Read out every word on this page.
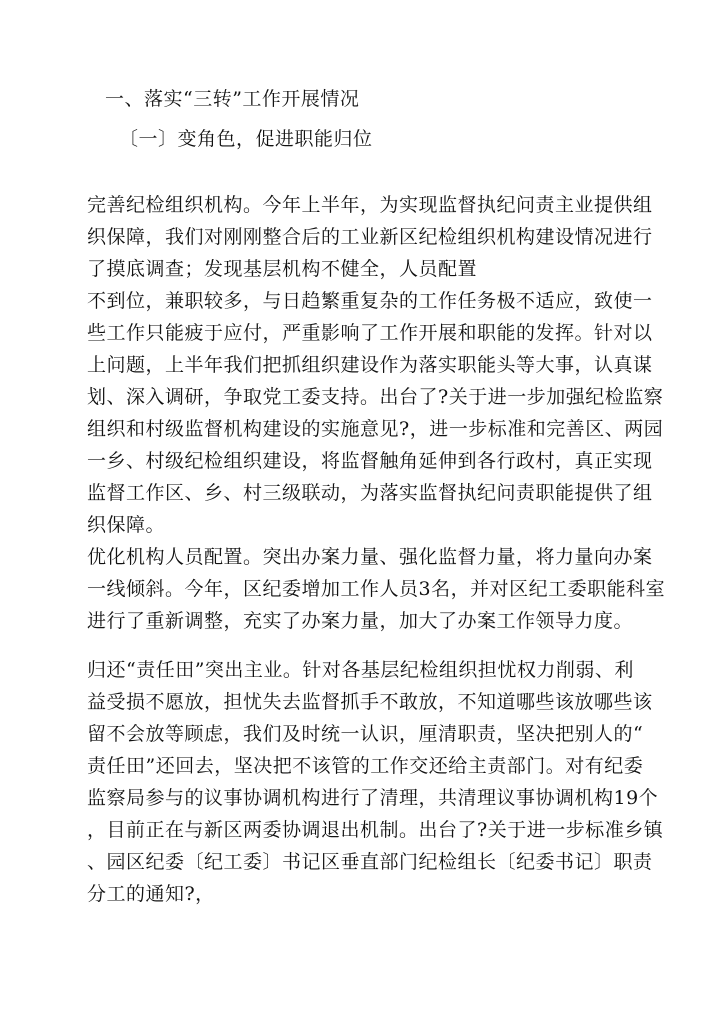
一、落实“三转”工作开展情况
〔一〕变角色，促进职能归位
完善纪检组织机构。今年上半年，为实现监督执纪问责主业提供组
织保障，我们对刚刚整合后的工业新区纪检组织机构建设情况进行
了摸底调查；发现基层机构不健全，人员配置
不到位，兼职较多，与日趋繁重复杂的工作任务极不适应，致使一
些工作只能疲于应付，严重影响了工作开展和职能的发挥。针对以
上问题，上半年我们把抓组织建设作为落实职能头等大事，认真谋
划、深入调研，争取党工委支持。出台了?关于进一步加强纪检监察
组织和村级监督机构建设的实施意见?，进一步标准和完善区、两园
一乡、村级纪检组织建设，将监督触角延伸到各行政村，真正实现
监督工作区、乡、村三级联动，为落实监督执纪问责职能提供了组
织保障。
优化机构人员配置。突出办案力量、强化监督力量，将力量向办案
一线倾斜。今年，区纪委增加工作人员3名，并对区纪工委职能科室
进行了重新调整，充实了办案力量，加大了办案工作领导力度。
归还“责任田”突出主业。针对各基层纪检组织担忧权力削弱、利
益受损不愿放，担忧失去监督抓手不敢放，不知道哪些该放哪些该
留不会放等顾虑，我们及时统一认识，厘清职责，坚决把别人的“
责任田”还回去，坚决把不该管的工作交还给主责部门。对有纪委
监察局参与的议事协调机构进行了清理，共清理议事协调机构19个
，目前正在与新区两委协调退出机制。出台了?关于进一步标准乡镇
、园区纪委〔纪工委〕书记区垂直部门纪检组长〔纪委书记〕职责
分工的通知?，
